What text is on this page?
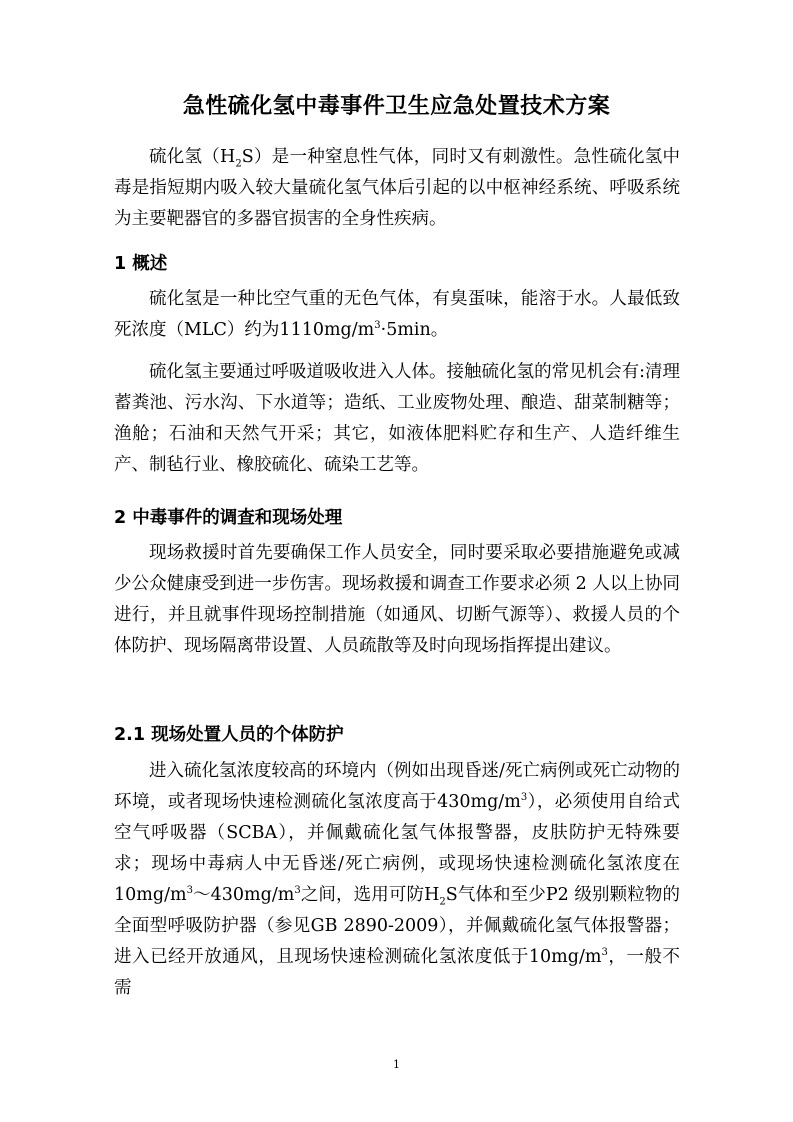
急性硫化氢中毒事件卫生应急处置技术方案

硫化氢$(H_2S)$是一种窒息性气体，同时又有刺激性。急性硫化氢中毒是指短期内吸入较大量硫化氢气体后引起的以中枢神经系统、呼吸系统为主要靶器官的多器官损害的全身性疾病。

1 概述

硫化氢是一种比空气重的无色气体，有臭蛋味，能溶于水。人最低致死浓度（MLC）约为$1110mg/m^3\cdot 5\min$。

硫化氢主要通过呼吸道吸收进入人体。接触硫化氢的常见机会有:清理蓄粪池、污水沟、下水道等；造纸、工业废物处理、酿造、甜菜制糖等；渔舱；石油和天然气开采；其它，如液体肥料贮存和生产、人造纤维生产、制毡行业、橡胶硫化、硫染工艺等。

2 中毒事件的调查和现场处理

现场救援时首先要确保工作人员安全，同时要采取必要措施避免或减少公众健康受到进一步伤害。现场救援和调查工作要求必须 2 人以上协同进行，并且就事件现场控制措施（如通风、切断气源等）、救援人员的个体防护、现场隔离带设置、人员疏散等及时向现场指挥提出建议。

2.1 现场处置人员的个体防护

进入硫化氢浓度较高的环境内（例如出现昏迷/死亡病例或死亡动物的环境，或者现场快速检测硫化氢浓度高于$430mg/m^3$），必须使用自给式空气呼吸器（SCBA），并佩戴硫化氢气体报警器，皮肤防护无特殊要求；现场中毒病人中无昏迷/死亡病例，或现场快速检测硫化氢浓度在$10mg/m^3\sim 430mg/m^3$之间，选用可防$H_2S$气体和至少P2 级别颗粒物的全面型呼吸防护器（参见GB 2890-2009），并佩戴硫化氢气体报警器；进入已经开放通风，且现场快速检测硫化氢浓度低于$10mg/m^3$，一般不需

1
